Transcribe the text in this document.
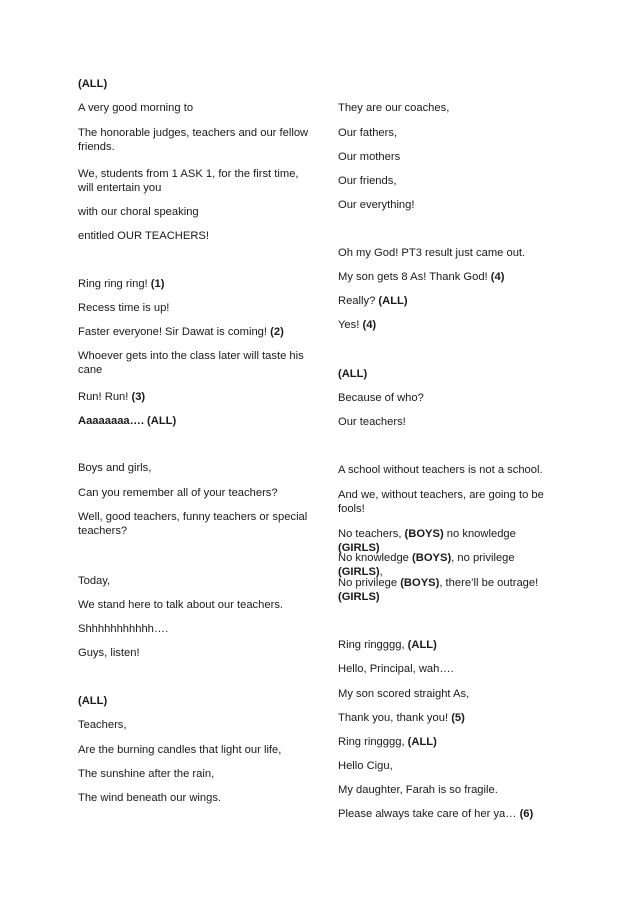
(ALL)
A very good morning to
The honorable judges, teachers and our fellow friends.
We, students from 1 ASK 1, for the first time, will entertain you
with our choral speaking
entitled OUR TEACHERS!
Ring ring ring! (1)
Recess time is up!
Faster everyone! Sir Dawat is coming! (2)
Whoever gets into the class later will taste his cane
Run! Run! (3)
Aaaaaaaa…. (ALL)
Boys and girls,
Can you remember all of your teachers?
Well, good teachers, funny teachers or special teachers?
Today,
We stand here to talk about our teachers.
Shhhhhhhhhhh….
Guys, listen!
(ALL)
Teachers,
Are the burning candles that light our life,
The sunshine after the rain,
The wind beneath our wings.
They are our coaches,
Our fathers,
Our mothers
Our friends,
Our everything!
Oh my God! PT3 result just came out.
My son gets 8 As! Thank God! (4)
Really? (ALL)
Yes! (4)
(ALL)
Because of who?
Our teachers!
A school without teachers is not a school.
And we, without teachers, are going to be fools!
No teachers, (BOYS) no knowledge (GIRLS)
No knowledge (BOYS), no privilege (GIRLS),
No privilege (BOYS), there’ll be outrage! (GIRLS)
Ring ringggg, (ALL)
Hello, Principal, wah….
My son scored straight As,
Thank you, thank you! (5)
Ring ringggg, (ALL)
Hello Cigu,
My daughter, Farah is so fragile.
Please always take care of her ya… (6)
